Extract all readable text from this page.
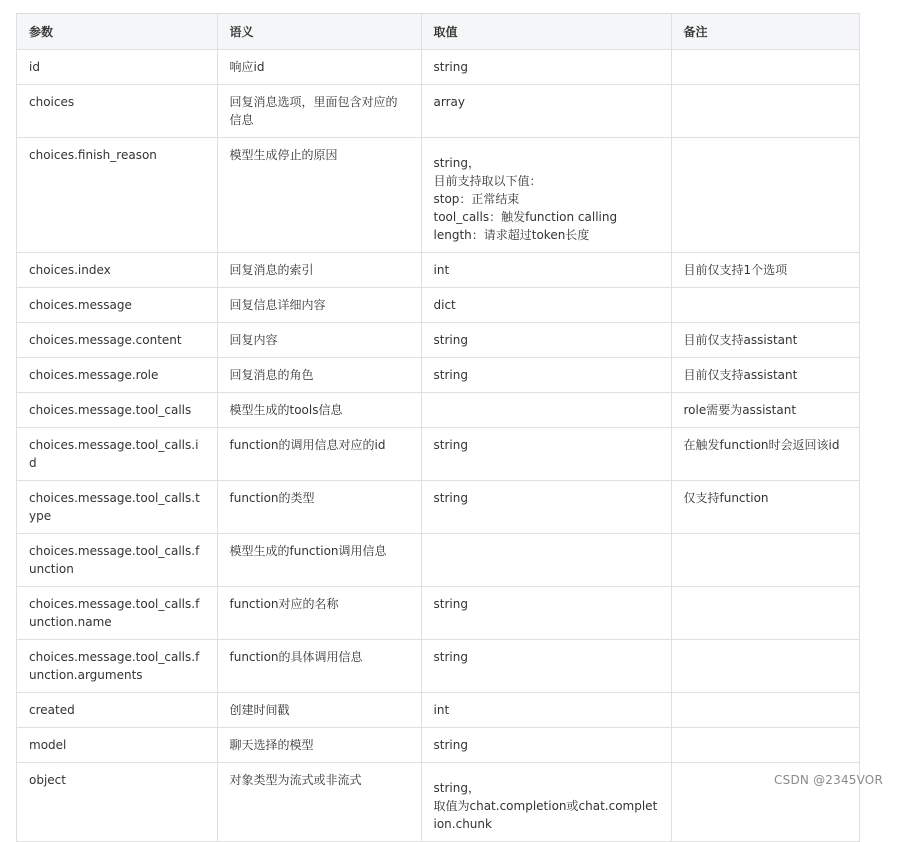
参数	语义	取值	备注
id	响应id	string	
choices	回复消息选项，里面包含对应的信息	array	
choices.finish_reason	模型生成停止的原因	string，
目前支持取以下值：
stop：正常结束
tool_calls：触发function calling
length：请求超过token长度	

choices.index	回复消息的索引	int	目前仅支持1个选项
choices.message	回复信息详细内容	dict	
choices.message.content	回复内容	string	目前仅支持assistant
choices.message.role	回复消息的角色	string	目前仅支持assistant
choices.message.tool_calls	模型生成的tools信息		role需要为assistant
choices.message.tool_calls.id	function的调用信息对应的id	string	在触发function时会返回该id
choices.message.tool_calls.type	function的类型	string	仅支持function
choices.message.tool_calls.function	模型生成的function调用信息		
choices.message.tool_calls.function.name	function对应的名称	string	
choices.message.tool_calls.function.arguments	function的具体调用信息	string	
created	创建时间戳	int	
model	聊天选择的模型	string	
object	对象类型为流式或非流式	string，
取值为chat.completion或chat.completion.chunk	

CSDN @2345VOR
